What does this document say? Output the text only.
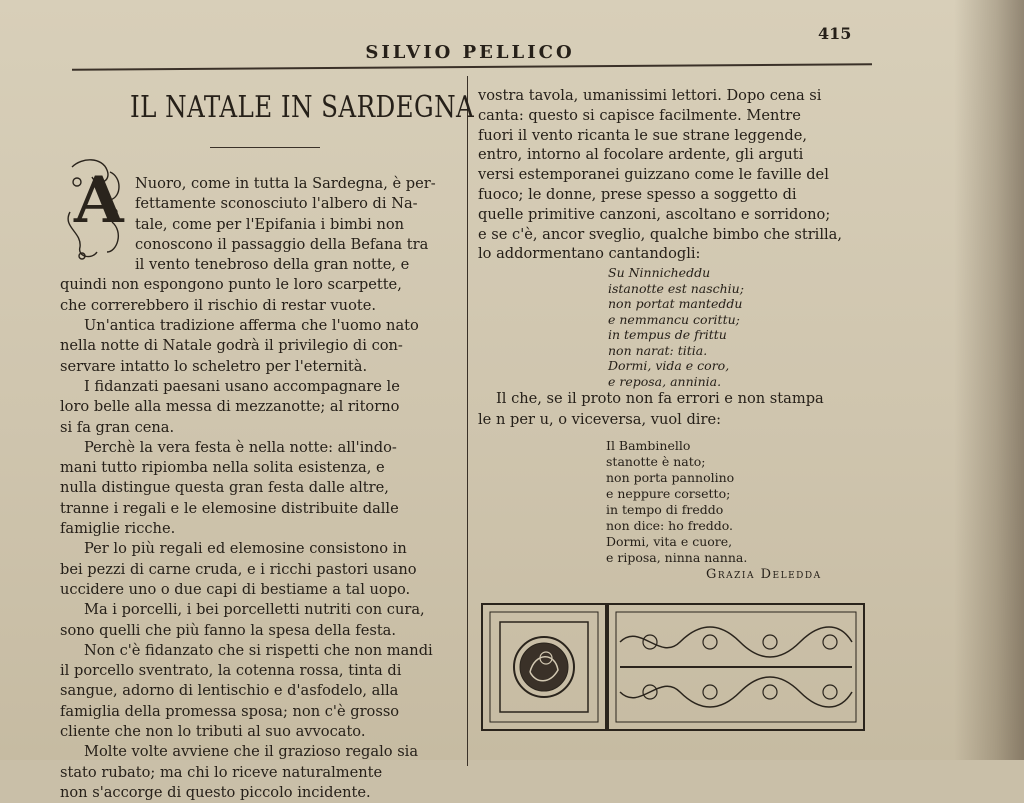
SILVIO PELLICO
415
IL NATALE IN SARDEGNA
A Nuoro, come in tutta la Sardegna, è per-
fettamente sconosciuto l'albero di Na-
tale, come per l'Epifania i bimbi non
conoscono il passaggio della Befana tra
il vento tenebroso della gran notte, e
quindi non espongono punto le loro scarpette,
che correrebbero il rischio di restar vuote.
Un'antica tradizione afferma che l'uomo nato
nella notte di Natale godrà il privilegio di con-
servare intatto lo scheletro per l'eternità.
I fidanzati paesani usano accompagnare le
loro belle alla messa di mezzanotte; al ritorno
si fa gran cena.
Perchè la vera festa è nella notte: all'indo-
mani tutto ripiomba nella solita esistenza, e
nulla distingue questa gran festa dalle altre,
tranne i regali e le elemosine distribuite dalle
famiglie ricche.
Per lo più regali ed elemosine consistono in
bei pezzi di carne cruda, e i ricchi pastori usano
uccidere uno o due capi di bestiame a tal uopo.
Ma i porcelli, i bei porcelletti nutriti con cura,
sono quelli che più fanno la spesa della festa.
Non c'è fidanzato che si rispetti che non mandi
il porcello sventrato, la cotenna rossa, tinta di
sangue, adorno di lentischio e d'asfodelo, alla
famiglia della promessa sposa; non c'è grosso
cliente che non lo tributi al suo avvocato.
Molte volte avviene che il grazioso regalo sia
stato rubato; ma chi lo riceve naturalmente
non s'accorge di questo piccolo incidente.
vostra tavola, umanissimi lettori. Dopo cena si
canta: questo si capisce facilmente. Mentre
fuori il vento ricanta le sue strane leggende,
entro, intorno al focolare ardente, gli arguti
versi estemporanei guizzano come le faville del
fuoco; le donne, prese spesso a soggetto di
quelle primitive canzoni, ascoltano e sorridono;
e se c'è, ancor sveglio, qualche bimbo che strilla,
lo addormentano cantandogli:
Su Ninnicheddu
istanotte est naschiu;
non portat manteddu
e nemmancu corittu;
in tempus de frittu
non narat: titia.
Dormi, vida e coro,
e reposa, anninia.
Il che, se il proto non fa errori e non stampa
le n per u, o viceversa, vuol dire:
Il Bambinello
stanotte è nato;
non porta pannolino
e neppure corsetto;
in tempo di freddo
non dice: ho freddo.
Dormi, vita e cuore,
e riposa, ninna nanna.
Grazia Deledda
